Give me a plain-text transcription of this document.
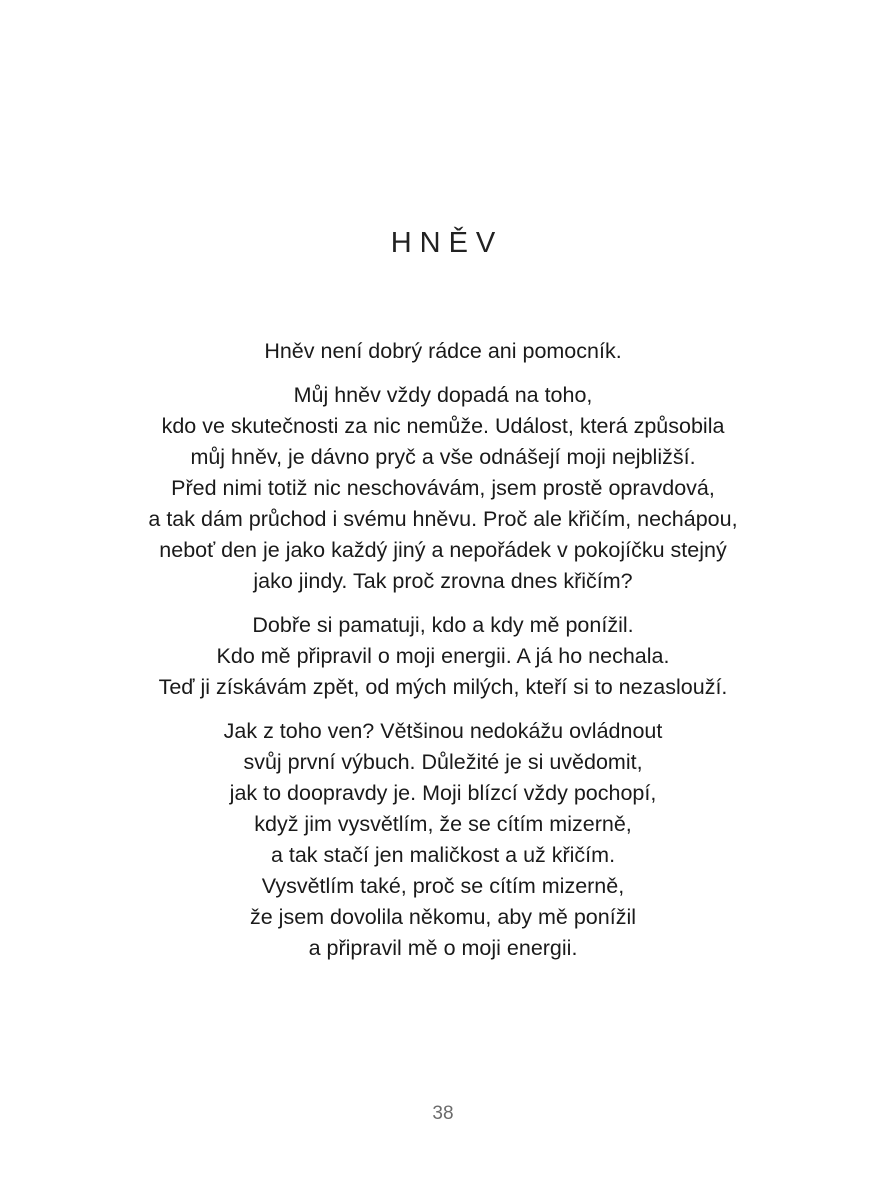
HNĚV

Hněv není dobrý rádce ani pomocník.

Můj hněv vždy dopadá na toho,
kdo ve skutečnosti za nic nemůže. Událost, která způsobila
můj hněv, je dávno pryč a vše odnášejí moji nejbližší.
Před nimi totiž nic neschovávám, jsem prostě opravdová,
a tak dám průchod i svému hněvu. Proč ale křičím, nechápou,
neboť den je jako každý jiný a nepořádek v pokojíčku stejný
jako jindy. Tak proč zrovna dnes křičím?

Dobře si pamatuji, kdo a kdy mě ponížil.
Kdo mě připravil o moji energii. A já ho nechala.
Teď ji získávám zpět, od mých milých, kteří si to nezaslouží.

Jak z toho ven? Většinou nedokážu ovládnout
svůj první výbuch. Důležité je si uvědomit,
jak to doopravdy je. Moji blízcí vždy pochopí,
když jim vysvětlím, že se cítím mizerně,
a tak stačí jen maličkost a už křičím.
Vysvětlím také, proč se cítím mizerně,
že jsem dovolila někomu, aby mě ponížil
a připravil mě o moji energii.

38
